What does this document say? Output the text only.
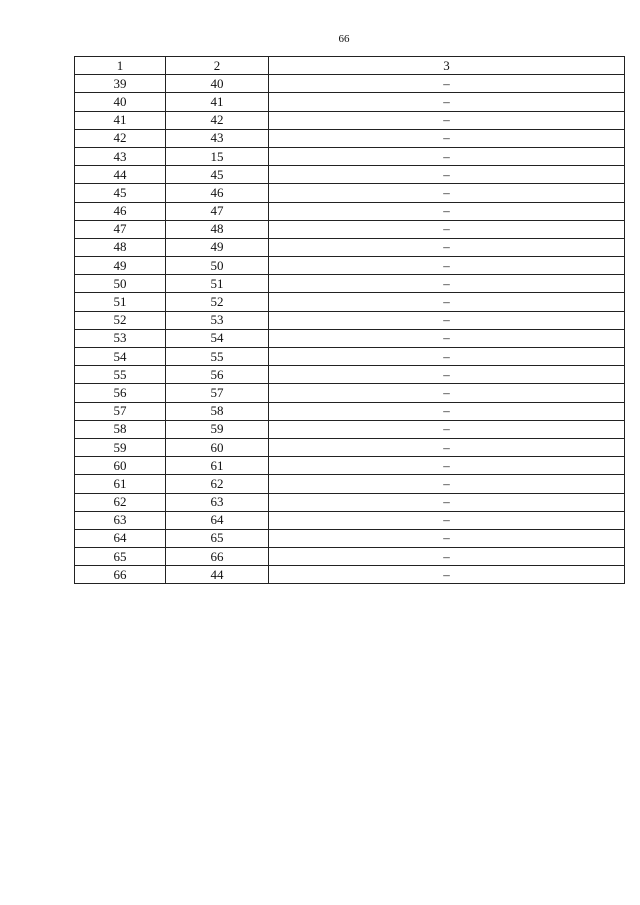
66
1	2	3
39	40	–
40	41	–
41	42	–
42	43	–
43	15	–
44	45	–
45	46	–
46	47	–
47	48	–
48	49	–
49	50	–
50	51	–
51	52	–
52	53	–
53	54	–
54	55	–
55	56	–
56	57	–
57	58	–
58	59	–
59	60	–
60	61	–
61	62	–
62	63	–
63	64	–
64	65	–
65	66	–
66	44	–
